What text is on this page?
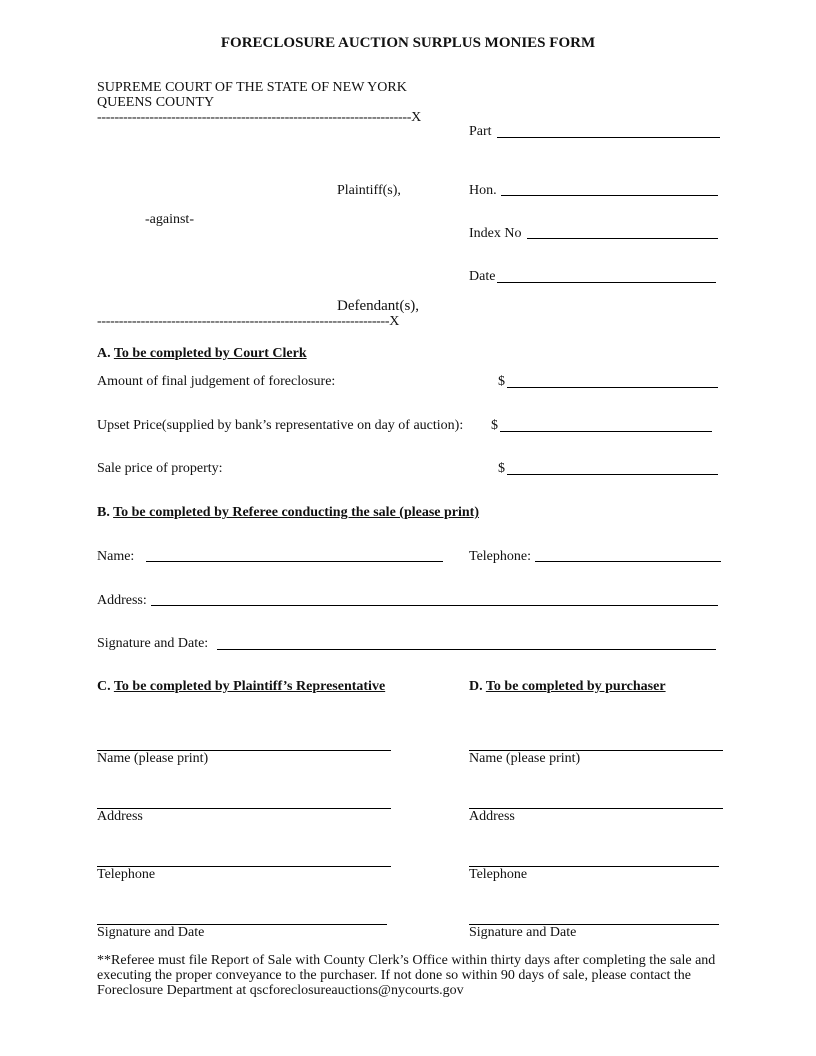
FORECLOSURE AUCTION SURPLUS MONIES FORM
SUPREME COURT OF THE STATE OF NEW YORK
QUEENS COUNTY
------------------------------------------------------------------------X
Part
Plaintiff(s),	Hon.
-against-
Index No
Date
Defendant(s),
-------------------------------------------------------------------X
A. To be completed by Court Clerk
Amount of final judgement of foreclosure:	$
Upset Price(supplied by bank’s representative on day of auction): $
Sale price of property:	$
B. To be completed by Referee conducting the sale (please print)
Name:	Telephone:
Address:
Signature and Date:
C. To be completed by Plaintiff’s Representative
Name (please print)
Address
Telephone
Signature and Date
D. To be completed by purchaser
Name (please print)
Address
Telephone
Signature and Date
**Referee must file Report of Sale with County Clerk’s Office within thirty days after completing the sale and executing the proper conveyance to the purchaser. If not done so within 90 days of sale, please contact the Foreclosure Department at qscforeclosureauctions@nycourts.gov
